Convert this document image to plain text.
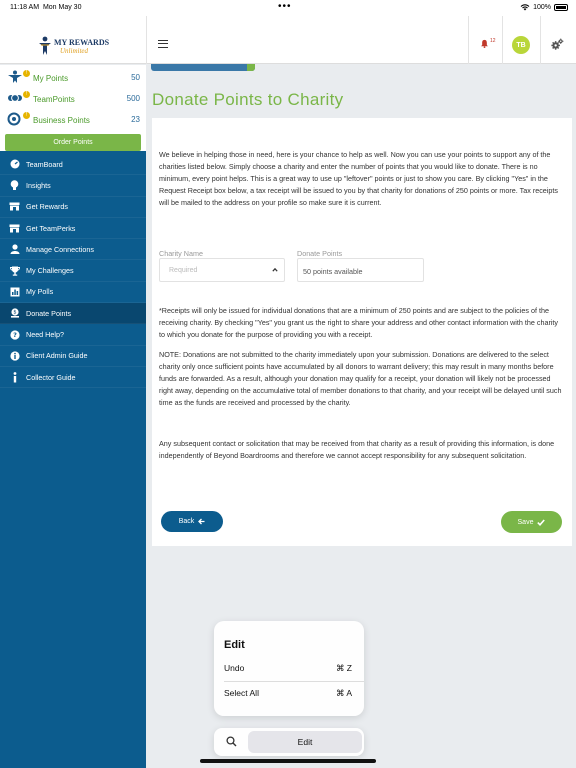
11:18 AM Mon May 30	•••	100%
MY REWARDS
Unlimited
12
TB
!
My Points	50
!
TeamPoints	500
!
Business Points	23
Order Points
TeamBoard
Insights
Get Rewards
Get TeamPerks
Manage Connections
My Challenges
My Polls
$ Donate Points
? Need Help?
Client Admin Guide
Collector Guide
Donate Points to Charity

We believe in helping those in need, here is your chance to help as well. Now you can use your points to support any of the charities listed below. Simply choose a charity and enter the number of points that you would like to donate. There is no minimum, every point helps. This is a great way to use up "leftover" points or just to show you care. By clicking "Yes" in the Request Receipt box below, a tax receipt will be issued to you by that charity for donations of 250 points or more. Tax receipts will be mailed to the address on your profile so make sure it is current.

Charity Name
Required
Donate Points
50 points available

*Receipts will only be issued for individual donations that are a minimum of 250 points and are subject to the policies of the receiving charity. By checking "Yes" you grant us the right to share your address and other contact information with the charity to which you donate for the purpose of providing you with a receipt.

NOTE: Donations are not submitted to the charity immediately upon your submission. Donations are delivered to the select charity only once sufficient points have accumulated by all donors to warrant delivery; this may result in many months before funds are forwarded. As a result, although your donation may qualify for a receipt, your donation will likely not be processed right away, depending on the accumulative total of member donations to that charity, and your receipt will be delayed until such time as the funds are received and processed by the charity.

Any subsequent contact or solicitation that may be received from that charity as a result of providing this information, is done independently of Beyond Boardrooms and therefore we cannot accept responsibility for any subsequent solicitation.

Back	Save
Edit
Undo	⌘ Z
Select All	⌘ A
Edit
